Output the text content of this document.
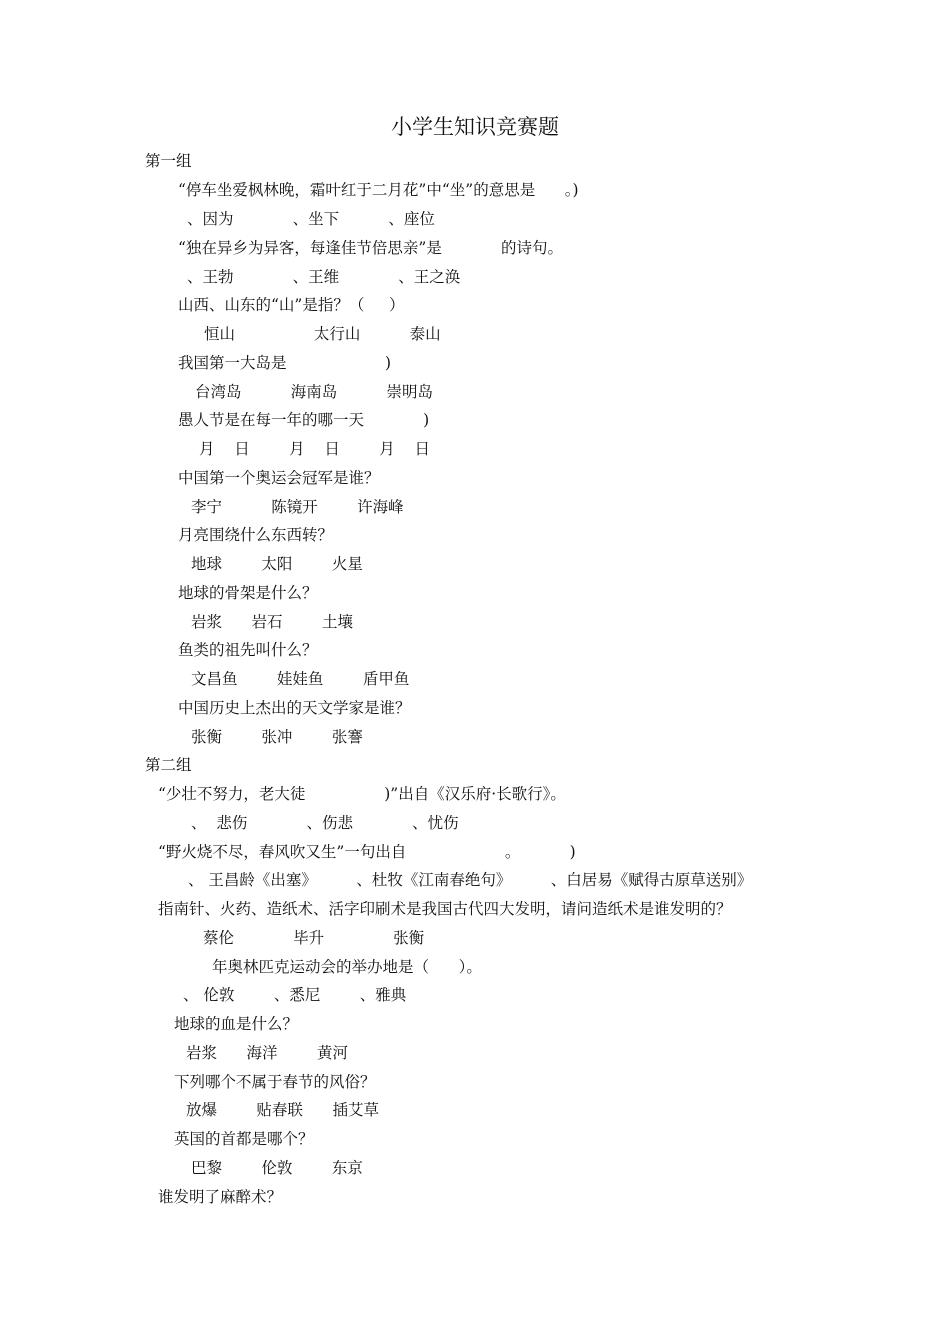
小学生知识竞赛题
第一组
“停车坐爱枫林晚，霜叶红于二月花”中“坐”的意思是      。)
、因为            、坐下          、座位
“独在异乡为异客，每逢佳节倍思亲”是            的诗句。
、王勃            、王维            、王之涣
山西、山东的“山”是指？（     ）
恒山                太行山          泰山
我国第一大岛是                    )
台湾岛          海南岛          崇明岛
愚人节是在每一年的哪一天            )
月    日        月    日        月    日
中国第一个奥运会冠军是谁？
李宁          陈镜开        许海峰
月亮围绕什么东西转？
地球        太阳        火星
地球的骨架是什么？
岩浆      岩石        土壤
鱼类的祖先叫什么？
文昌鱼        娃娃鱼        盾甲鱼
中国历史上杰出的天文学家是谁？
张衡        张冲        张謇
第二组
“少壮不努力，老大徒                )”出自《汉乐府·长歌行》。
、  悲伤            、伤悲            、忧伤
“野火烧不尽，春风吹又生”一句出自                    。          )
、 王昌龄《出塞》        、杜牧《江南春绝句》        、白居易《赋得古原草送别》
指南针、火药、造纸术、活字印刷术是我国古代四大发明，请问造纸术是谁发明的？
蔡伦            毕升              张衡
年奥林匹克运动会的举办地是（      ）。
、 伦敦        、悉尼        、雅典
地球的血是什么？
岩浆      海洋        黄河
下列哪个不属于春节的风俗？
放爆        贴春联      插艾草
英国的首都是哪个？
巴黎        伦敦        东京
谁发明了麻醉术？
